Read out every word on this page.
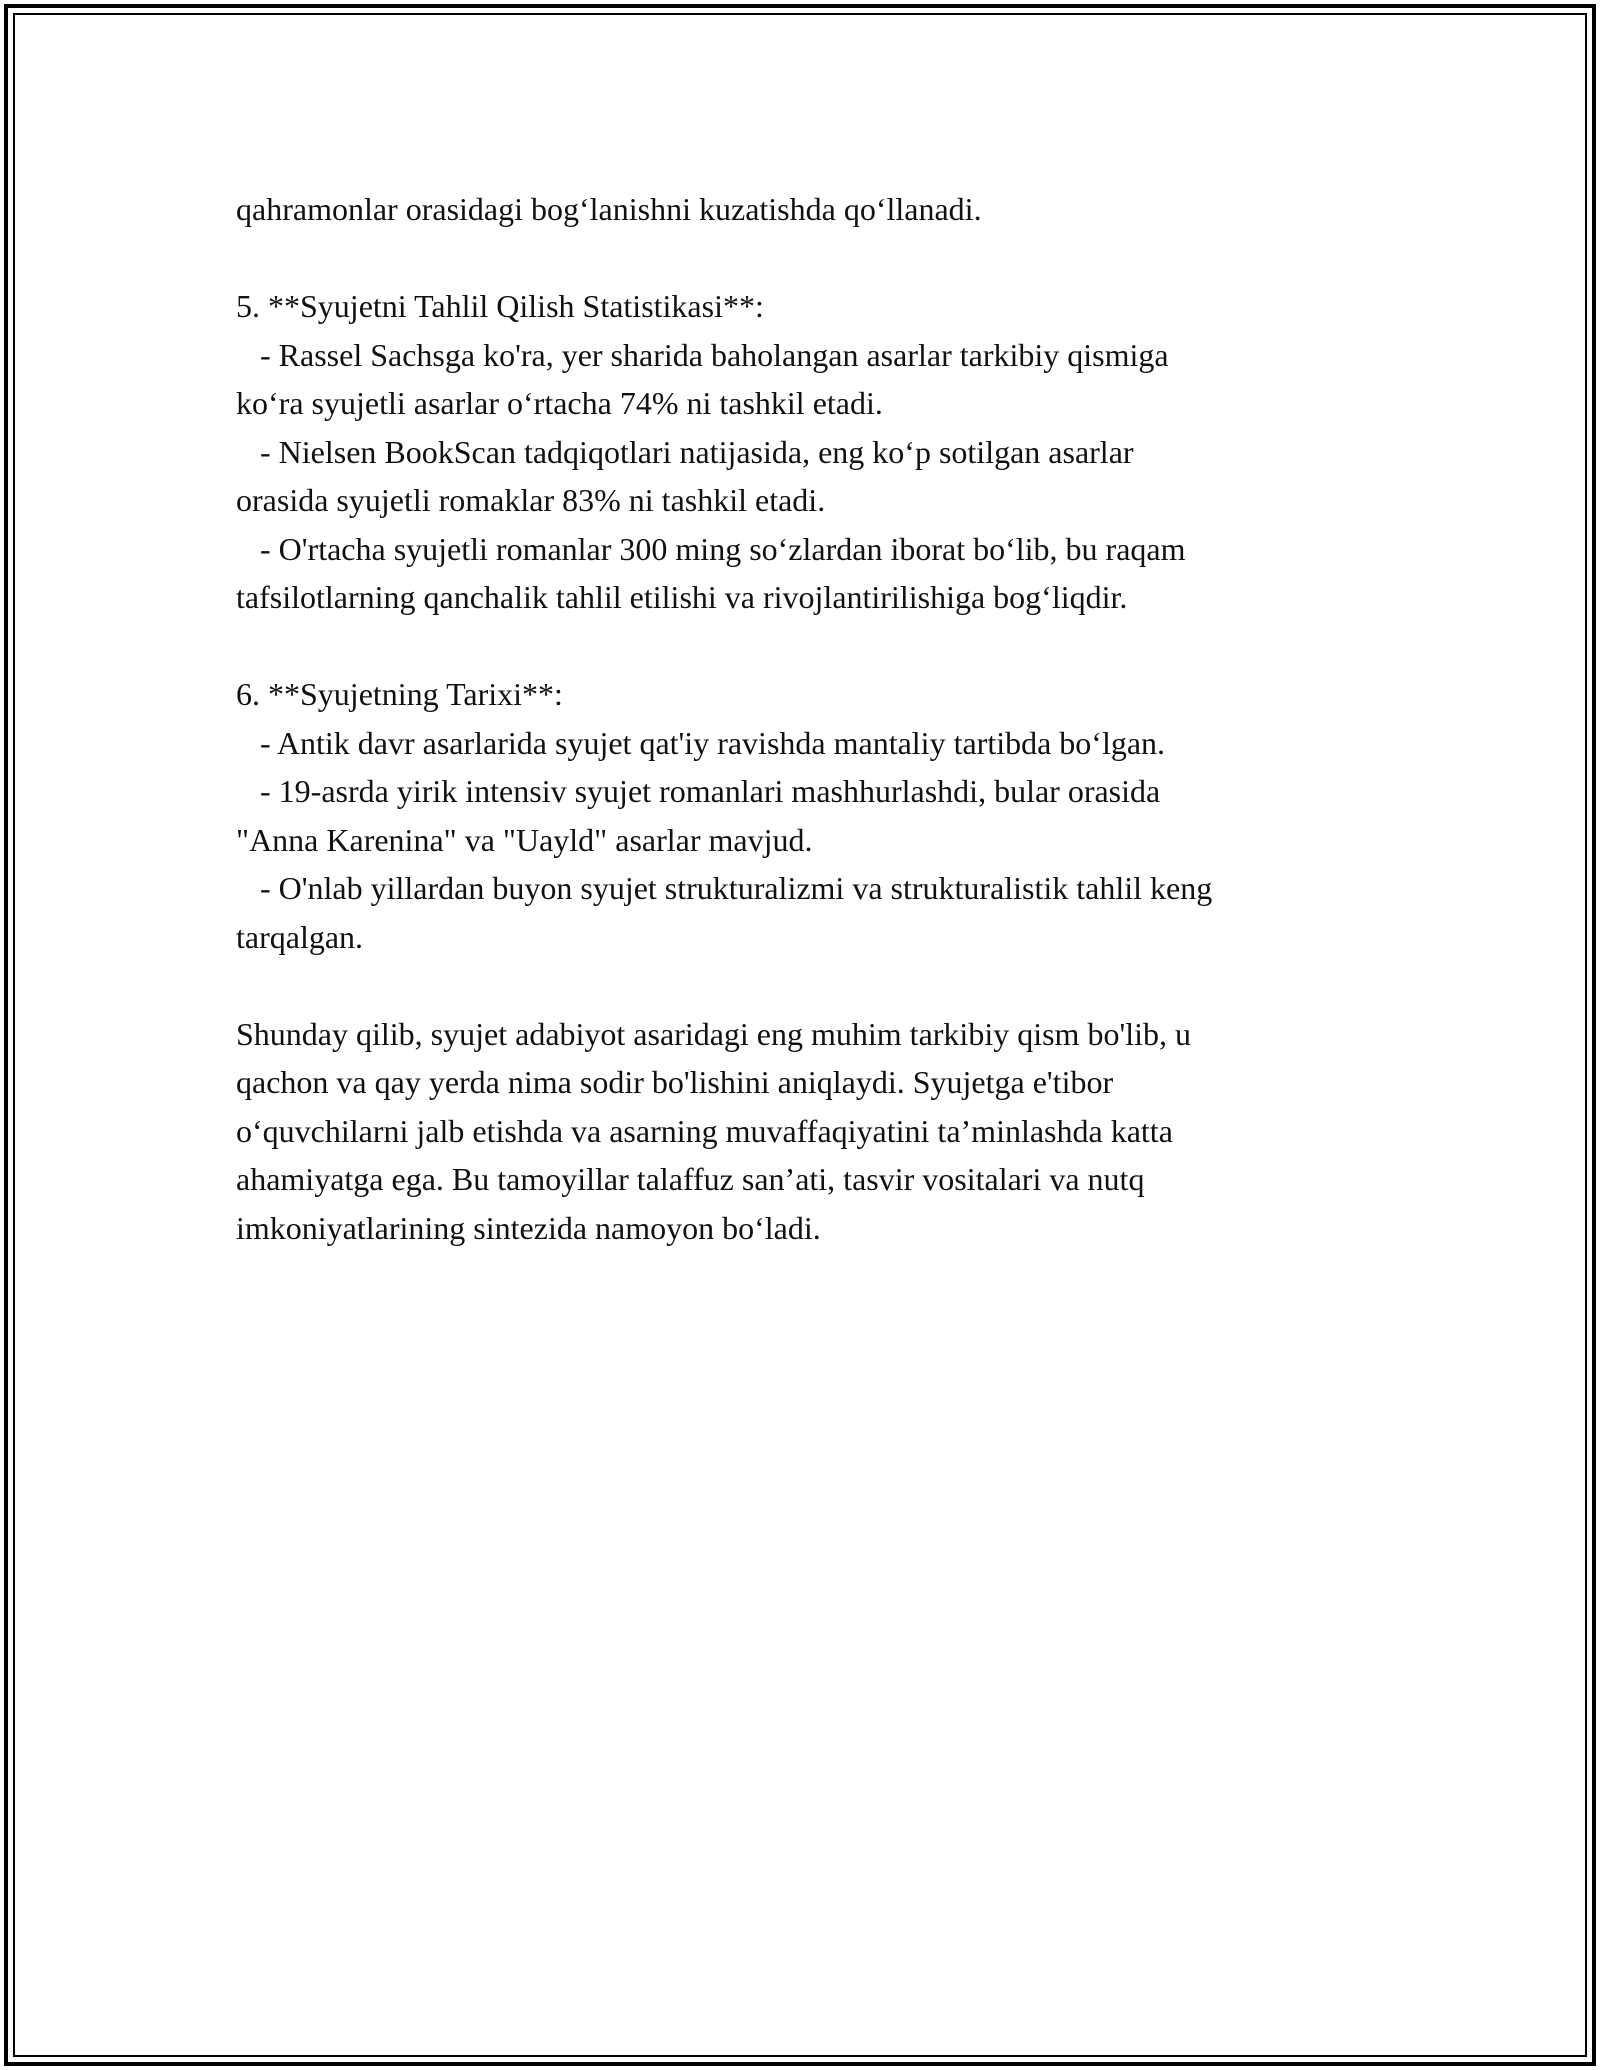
qahramonlar orasidagi bog‘lanishni kuzatishda qo‘llanadi.
5. **Syujetni Tahlil Qilish Statistikasi**:
- Rassel Sachsga ko'ra, yer sharida baholangan asarlar tarkibiy qismiga
ko‘ra syujetli asarlar o‘rtacha 74% ni tashkil etadi.
- Nielsen BookScan tadqiqotlari natijasida, eng ko‘p sotilgan asarlar
orasida syujetli romaklar 83% ni tashkil etadi.
- O'rtacha syujetli romanlar 300 ming so‘zlardan iborat bo‘lib, bu raqam
tafsilotlarning qanchalik tahlil etilishi va rivojlantirilishiga bog‘liqdir.
6. **Syujetning Tarixi**:
- Antik davr asarlarida syujet qat'iy ravishda mantaliy tartibda bo‘lgan.
- 19-asrda yirik intensiv syujet romanlari mashhurlashdi, bular orasida
"Anna Karenina" va "Uayld" asarlar mavjud.
- O'nlab yillardan buyon syujet strukturalizmi va strukturalistik tahlil keng
tarqalgan.
Shunday qilib, syujet adabiyot asaridagi eng muhim tarkibiy qism bo'lib, u
qachon va qay yerda nima sodir bo'lishini aniqlaydi. Syujetga e'tibor
o‘quvchilarni jalb etishda va asarning muvaffaqiyatini ta’minlashda katta
ahamiyatga ega. Bu tamoyillar talaffuz san’ati, tasvir vositalari va nutq
imkoniyatlarining sintezida namoyon bo‘ladi.
